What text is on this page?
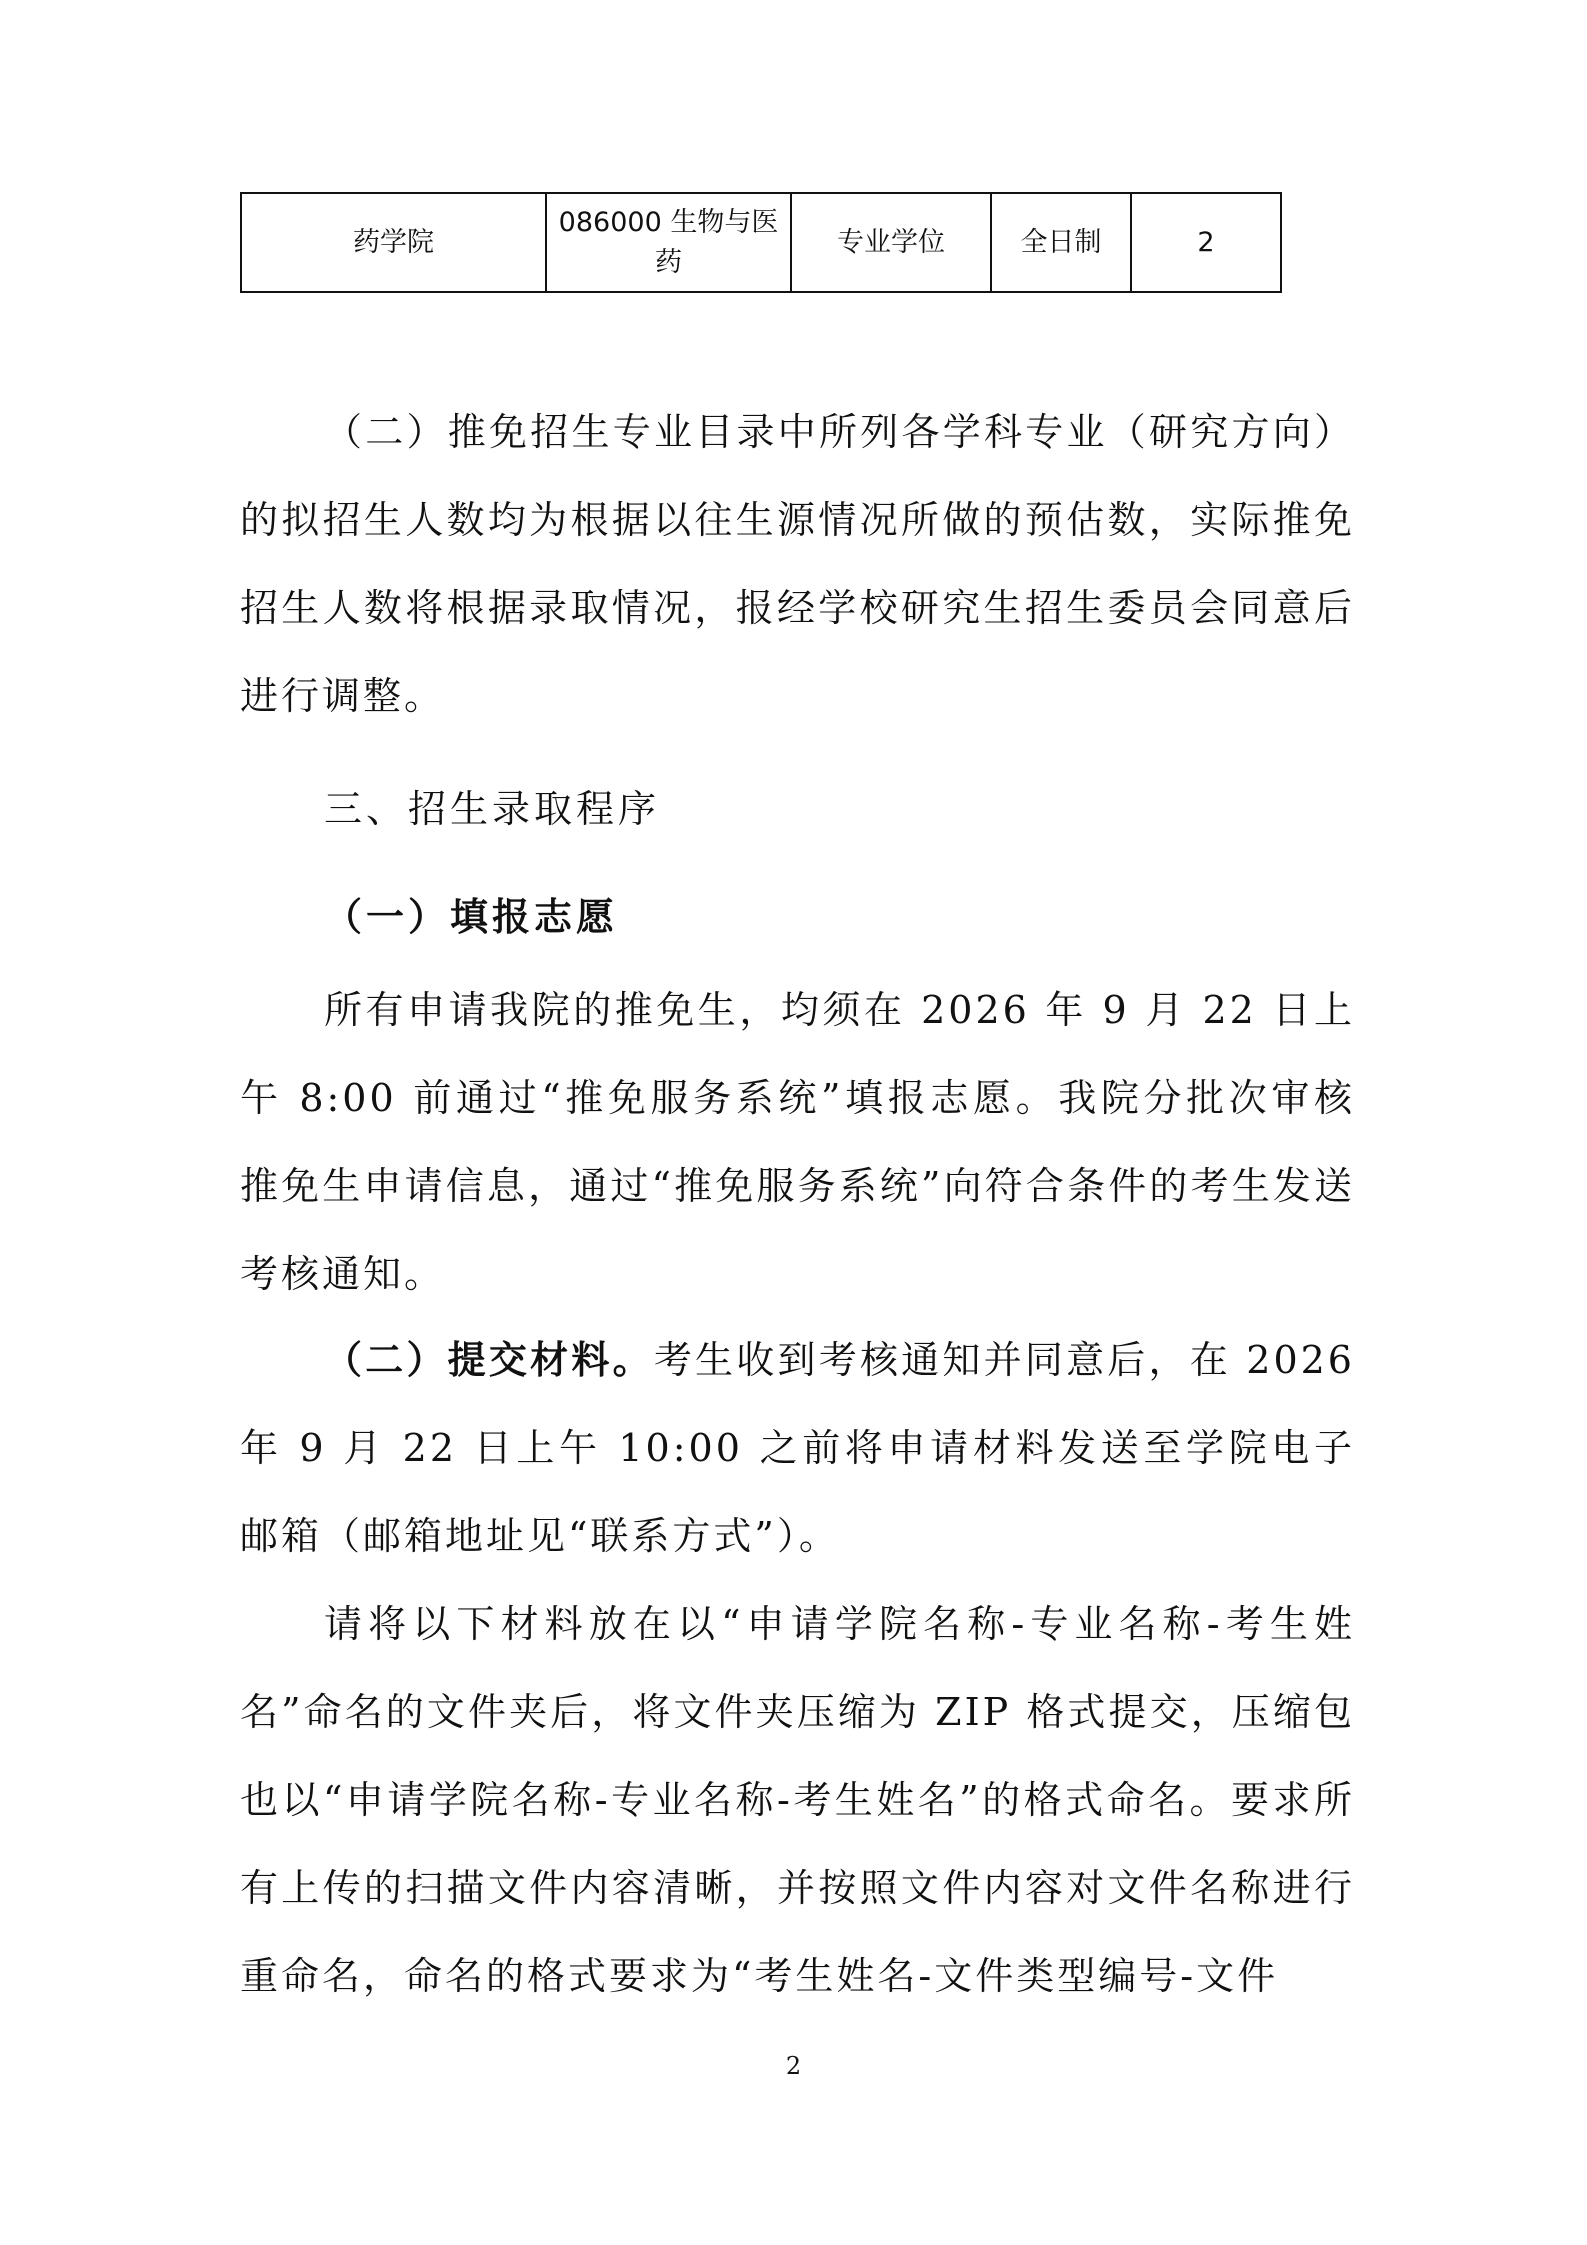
药学院	086000 生物与医药	专业学位	全日制	2

（二）推免招生专业目录中所列各学科专业（研究方向）的拟招生人数均为根据以往生源情况所做的预估数，实际推免招生人数将根据录取情况，报经学校研究生招生委员会同意后进行调整。

三、招生录取程序

（一）填报志愿

所有申请我院的推免生，均须在 2026 年 9 月 22 日上午 8:00 前通过“推免服务系统”填报志愿。我院分批次审核推免生申请信息，通过“推免服务系统”向符合条件的考生发送考核通知。

（二）提交材料。考生收到考核通知并同意后，在 2026 年 9 月 22 日上午 10:00 之前将申请材料发送至学院电子邮箱（邮箱地址见“联系方式”）。

请将以下材料放在以“申请学院名称-专业名称-考生姓名”命名的文件夹后，将文件夹压缩为 ZIP 格式提交，压缩包也以“申请学院名称-专业名称-考生姓名”的格式命名。要求所有上传的扫描文件内容清晰，并按照文件内容对文件名称进行重命名，命名的格式要求为“考生姓名-文件类型编号-文件

2
